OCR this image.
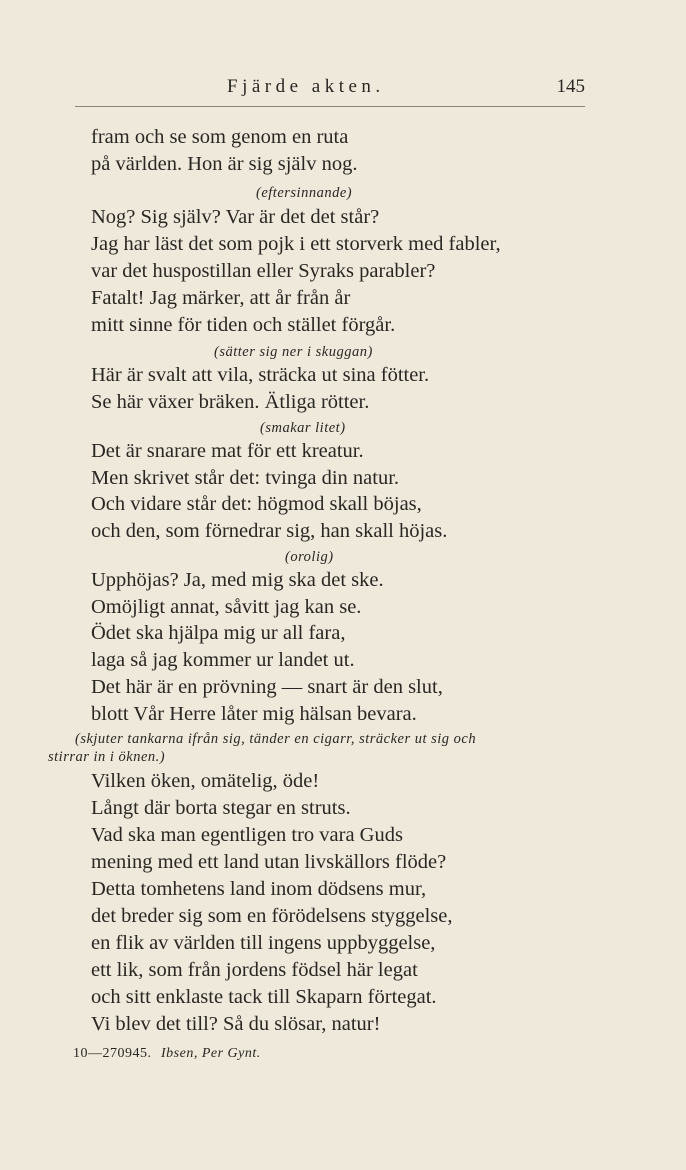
Fjärde akten.	145
fram och se som genom en ruta
på världen. Hon är sig själv nog.
(eftersinnande)
Nog? Sig själv? Var är det det står?
Jag har läst det som pojk i ett storverk med fabler,
var det huspostillan eller Syraks parabler?
Fatalt! Jag märker, att år från år
mitt sinne för tiden och stället förgår.
(sätter sig ner i skuggan)
Här är svalt att vila, sträcka ut sina fötter.
Se här växer bräken. Ätliga rötter.
(smakar litet)
Det är snarare mat för ett kreatur.
Men skrivet står det: tvinga din natur.
Och vidare står det: högmod skall böjas,
och den, som förnedrar sig, han skall höjas.
(orolig)
Upphöjas? Ja, med mig ska det ske.
Omöjligt annat, såvitt jag kan se.
Ödet ska hjälpa mig ur all fara,
laga så jag kommer ur landet ut.
Det här är en prövning — snart är den slut,
blott Vår Herre låter mig hälsan bevara.
(skjuter tankarna ifrån sig, tänder en cigarr, sträcker ut sig och
stirrar in i öknen.)
Vilken öken, omätelig, öde!
Långt där borta stegar en struts.
Vad ska man egentligen tro vara Guds
mening med ett land utan livskällors flöde?
Detta tomhetens land inom dödsens mur,
det breder sig som en förödelsens styggelse,
en flik av världen till ingens uppbyggelse,
ett lik, som från jordens födsel här legat
och sitt enklaste tack till Skaparn förtegat.
Vi blev det till? Så du slösar, natur!
10—270945. Ibsen, Per Gynt.
